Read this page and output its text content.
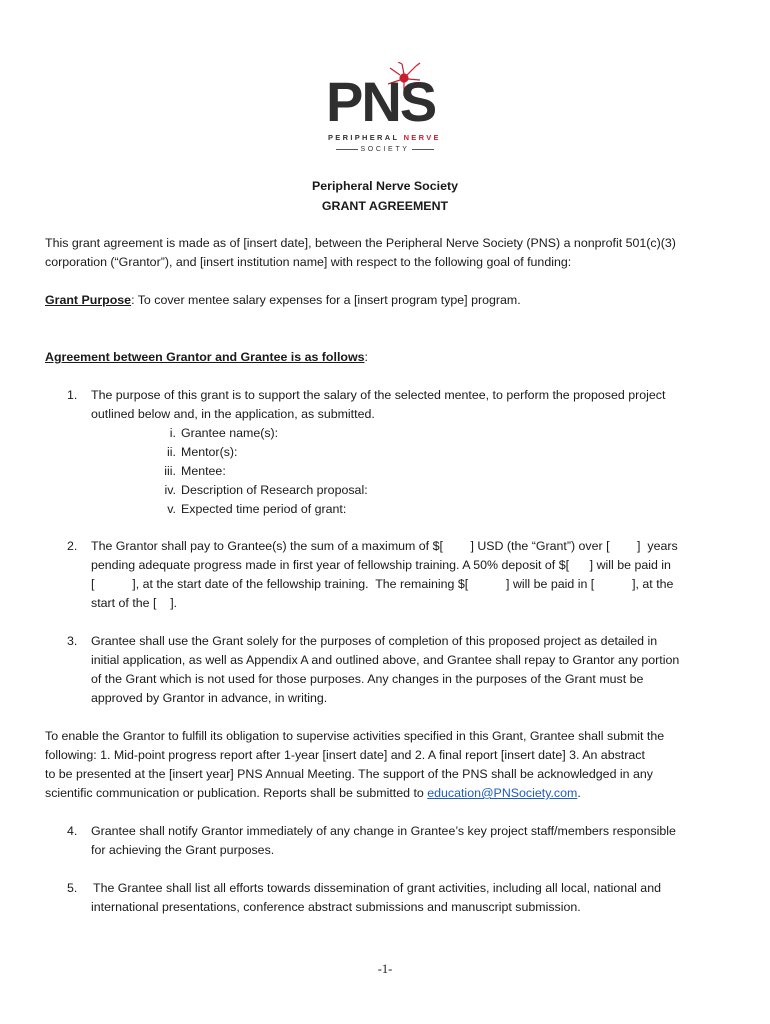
PNS
PERIPHERAL NERVE
SOCIETY
Peripheral Nerve Society
GRANT AGREEMENT
This grant agreement is made as of [insert date], between the Peripheral Nerve Society (PNS) a nonprofit 501(c)(3)
corporation (“Grantor”), and [insert institution name] with respect to the following goal of funding:
Grant Purpose: To cover mentee salary expenses for a [insert program type] program.
Agreement between Grantor and Grantee is as follows:
1. The purpose of this grant is to support the salary of the selected mentee, to perform the proposed project
outlined below and, in the application, as submitted.
i. Grantee name(s):
ii. Mentor(s):
iii. Mentee:
iv. Description of Research proposal:
v. Expected time period of grant:
2. The Grantor shall pay to Grantee(s) the sum of a maximum of $[        ] USD (the “Grant”) over [        ]  years
pending adequate progress made in first year of fellowship training. A 50% deposit of $[      ] will be paid in
[           ], at the start date of the fellowship training.  The remaining $[           ] will be paid in [           ], at the
start of the [    ].
3. Grantee shall use the Grant solely for the purposes of completion of this proposed project as detailed in
initial application, as well as Appendix A and outlined above, and Grantee shall repay to Grantor any portion
of the Grant which is not used for those purposes. Any changes in the purposes of the Grant must be
approved by Grantor in advance, in writing.
To enable the Grantor to fulfill its obligation to supervise activities specified in this Grant, Grantee shall submit the
following: 1. Mid-point progress report after 1-year [insert date] and 2. A final report [insert date] 3. An abstract
to be presented at the [insert year] PNS Annual Meeting. The support of the PNS shall be acknowledged in any
scientific communication or publication. Reports shall be submitted to education@PNSociety.com.
4. Grantee shall notify Grantor immediately of any change in Grantee’s key project staff/members responsible
for achieving the Grant purposes.
5. The Grantee shall list all efforts towards dissemination of grant activities, including all local, national and
international presentations, conference abstract submissions and manuscript submission.
-1-
